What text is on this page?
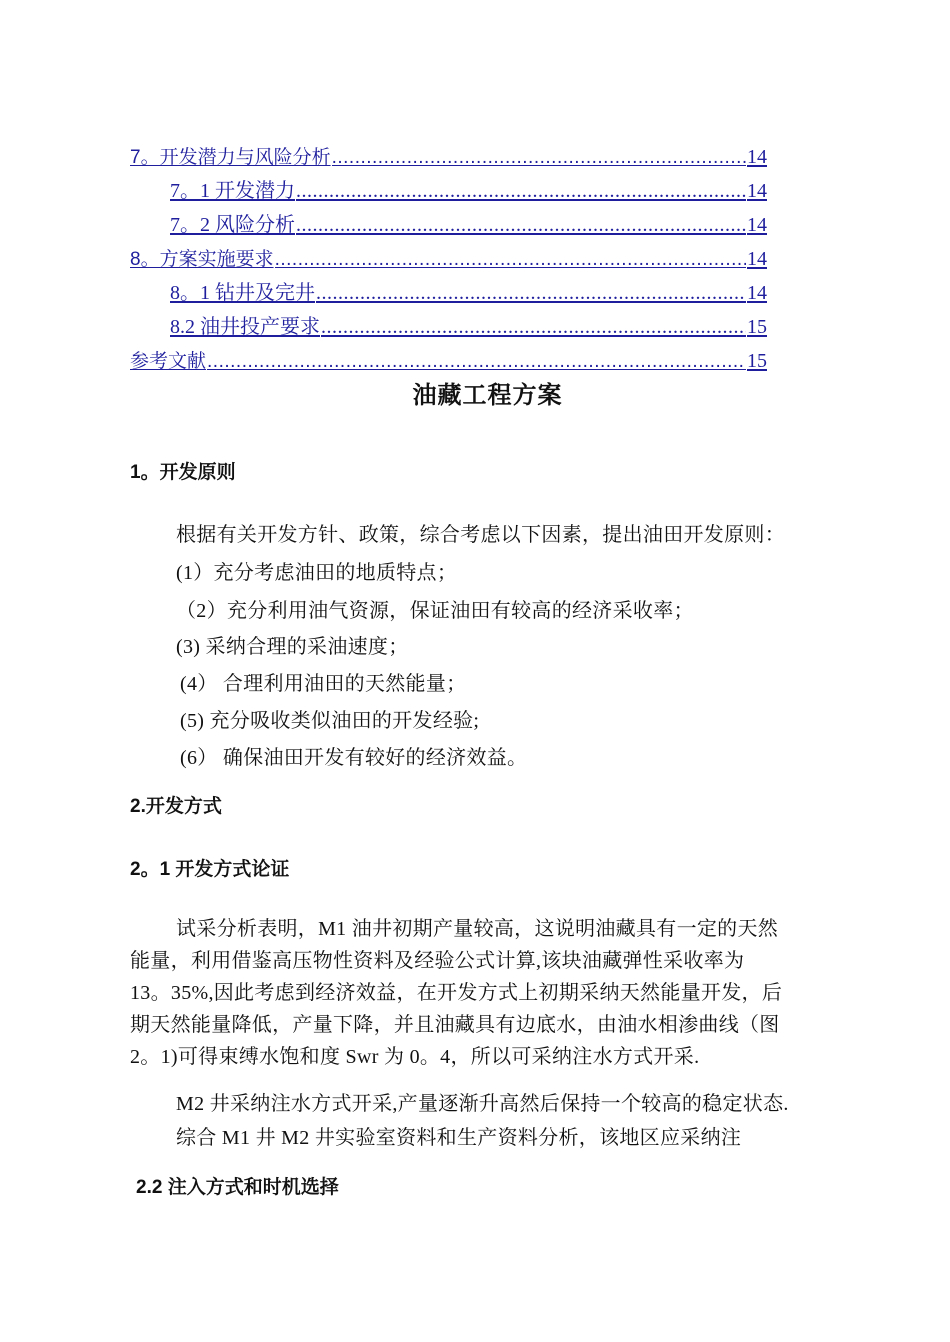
7。开发潜力与风险分析 .....	14
7。1 开发潜力 .....	14
7。2 风险分析 .....	14
8。方案实施要求 .....	14
8。1 钻井及完井 .....	14
8.2 油井投产要求 .....	15
参考文献 .....	15
油藏工程方案
1。开发原则
根据有关开发方针、政策，综合考虑以下因素，提出油田开发原则：
(1）充分考虑油田的地质特点；
（2）充分利用油气资源，保证油田有较高的经济采收率；
(3) 采纳合理的采油速度；
(4） 合理利用油田的天然能量；
(5) 充分吸收类似油田的开发经验;
(6） 确保油田开发有较好的经济效益。
2.开发方式
2。1 开发方式论证
试采分析表明，M1 油井初期产量较高，这说明油藏具有一定的天然
能量，利用借鉴高压物性资料及经验公式计算,该块油藏弹性采收率为
13。35%,因此考虑到经济效益，在开发方式上初期采纳天然能量开发，后
期天然能量降低，产量下降，并且油藏具有边底水，由油水相渗曲线（图
2。1)可得束缚水饱和度 Swr 为 0。4，所以可采纳注水方式开采.
M2 井采纳注水方式开采,产量逐渐升高然后保持一个较高的稳定状态.
综合 M1 井 M2 井实验室资料和生产资料分析，该地区应采纳注
2.2 注入方式和时机选择
